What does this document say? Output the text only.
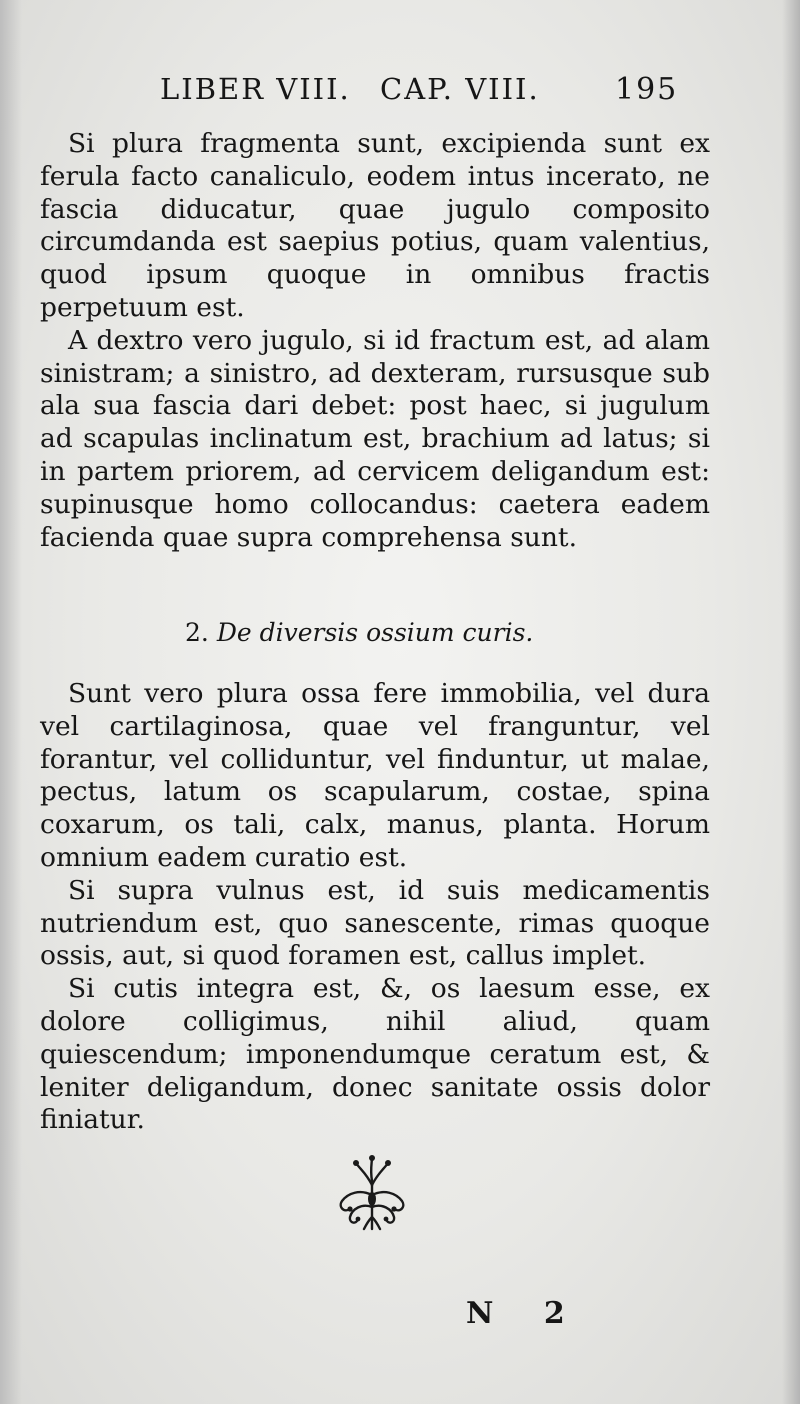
LIBER VIII. CAP. VIII.	195

Si plura fragmenta sunt, excipienda sunt ex ferula facto canaliculo, eodem intus incerato, ne fascia diducatur, quae jugulo composito circumdanda est saepius potius, quam valentius, quod ipsum quoque in omnibus fractis perpetuum est.

A dextro vero jugulo, si id fractum est, ad alam sinistram; a sinistro, ad dexteram, rursusque sub ala sua fascia dari debet: post haec, si jugulum ad scapulas inclinatum est, brachium ad latus; si in partem priorem, ad cervicem deligandum est: supinusque homo collocandus: caetera eadem facienda quae supra comprehensa sunt.

2. De diversis ossium curis.

Sunt vero plura ossa fere immobilia, vel dura vel cartilaginosa, quae vel franguntur, vel forantur, vel colliduntur, vel finduntur, ut malae, pectus, latum os scapularum, costae, spina coxarum, os tali, calx, manus, planta. Horum omnium eadem curatio est.

Si supra vulnus est, id suis medicamentis nutriendum est, quo sanescente, rimas quoque ossis, aut, si quod foramen est, callus implet.

Si cutis integra est, &, os laesum esse, ex dolore colligimus, nihil aliud, quam quiescendum; imponendumque ceratum est, & leniter deligandum, donec sanitate ossis dolor finiatur.

N 2
